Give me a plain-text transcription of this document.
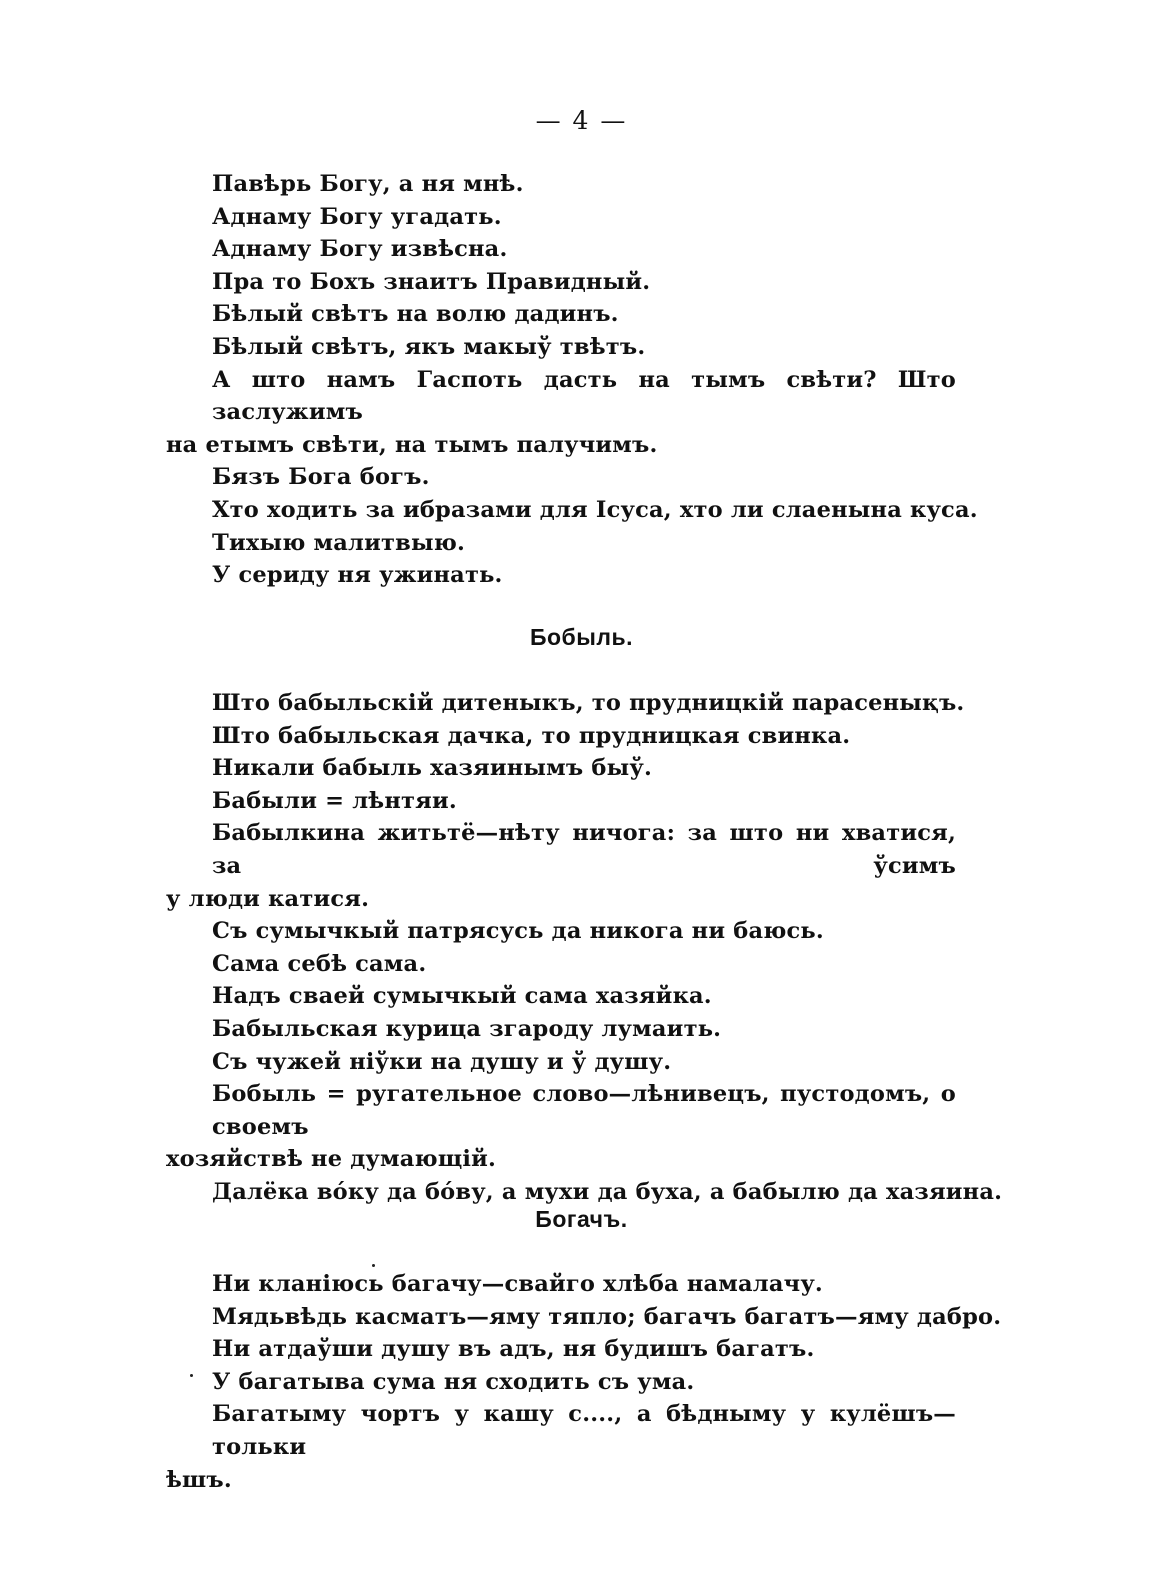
— 4 —
Павѣрь Богу, а ня мнѣ.
Аднаму Богу угадать.
Аднаму Богу извѣсна.
Пра то Бохъ знаитъ Правидный.
Бѣлый свѣтъ на волю дадинъ.
Бѣлый свѣтъ, якъ макыў твѣтъ.
А што намъ Гаспоть дасть на тымъ свѣти? Што заслужимъ
на етымъ свѣти, на тымъ палучимъ.
Бязъ Бога богъ.
Хто ходить за ибразами для Ісуса, хто ли слаенына куса.
Тихыю малитвыю.
У сериду ня ужинать.
Бобыль.
Што бабыльскій дитеныкъ, то прудницкій парасенықъ.
Што бабыльская дачка, то прудницкая свинка.
Никали бабыль хазяинымъ быў.
Бабыли = лѣнтяи.
Бабылкина житьтё—нѣту ничога: за што ни хватися, за ўсимъ
у люди катися.
Съ сумычкый патрясусь да никога ни баюсь.
Сама себѣ сама.
Надъ сваей сумычкый сама хазяйка.
Бабыльская курица згароду лумаить.
Съ чужей ніўки на душу и ў душу.
Бобыль = ругательное слово—лѣнивецъ, пустодомъ, о своемъ
хозяйствѣ не думающій.
Далёка вóку да бóву, а мухи да буха, а бабылю да хазяина.
Богачъ.
Ни кланіюсь багачу—свайго хлѣба намалачу.
Мядьвѣдь касматъ—яму тяпло; багачъ багатъ—яму дабро.
Ни атдаўши душу въ адъ, ня будишъ багатъ.
У багатыва сума ня сходить съ ума.
Багатыму чортъ у кашу с...., а бѣдныму у кулёшъ—тольки
ѣшъ.
